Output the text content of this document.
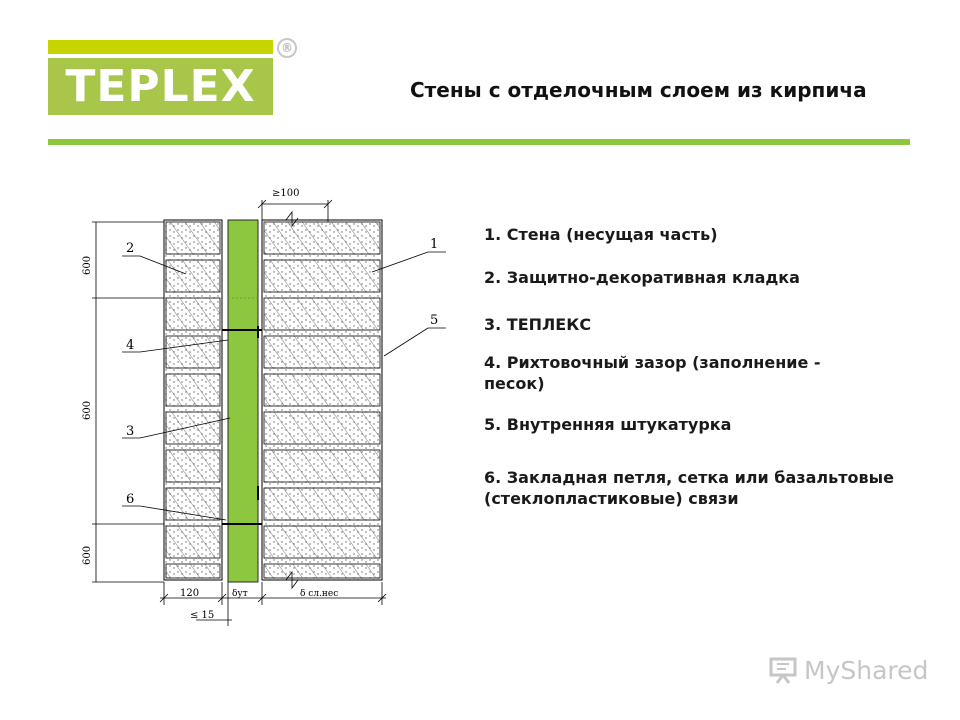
TEPLEX
®
Стены с отделочным слоем из кирпича
≥100
600
600
600
2
4
3
6
1
5
120	δут	δ сл.нес
≤ 15
1. Стена (несущая часть)
2. Защитно-декоративная кладка
3. ТЕПЛЕКС
4. Рихтовочный зазор (заполнение - песок)
5. Внутренняя штукатурка
6. Закладная петля, сетка или базальтовые (стеклопластиковые) связи
MyShared
